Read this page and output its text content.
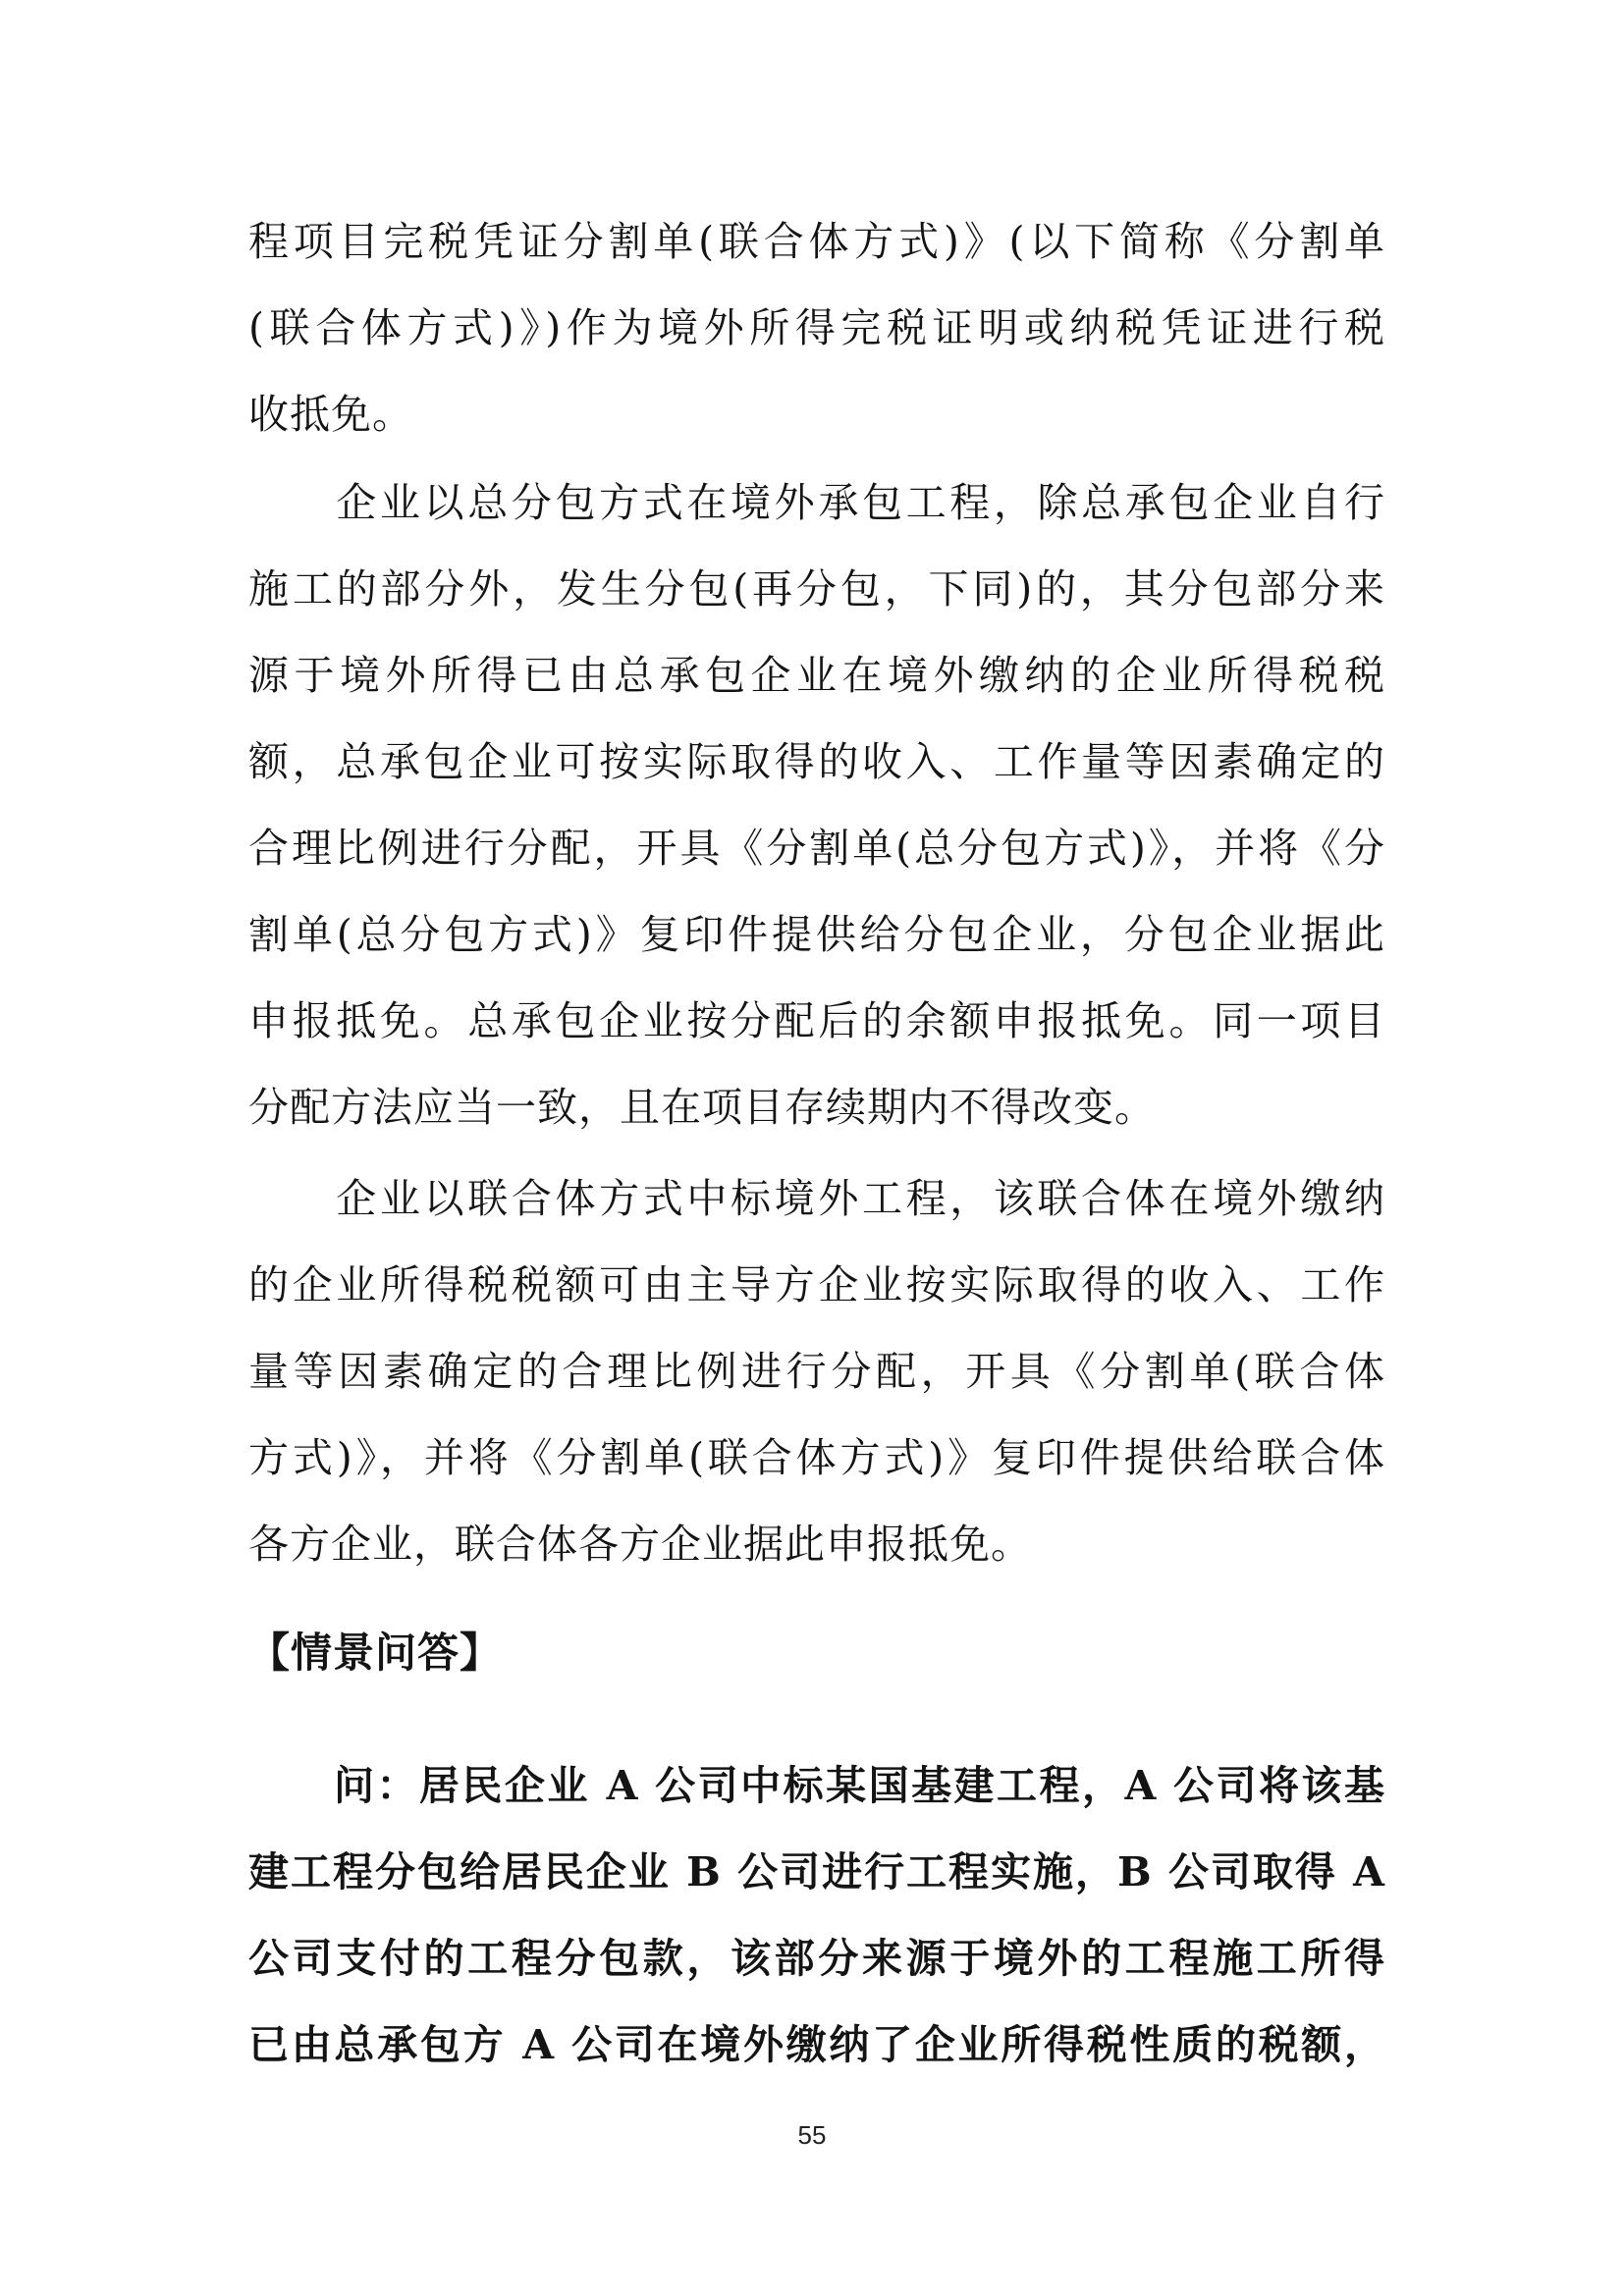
程项目完税凭证分割单(联合体方式)》(以下简称《分割单
(联合体方式)》)作为境外所得完税证明或纳税凭证进行税
收抵免。
　　企业以总分包方式在境外承包工程，除总承包企业自行
施工的部分外，发生分包(再分包，下同)的，其分包部分来
源于境外所得已由总承包企业在境外缴纳的企业所得税税
额，总承包企业可按实际取得的收入、工作量等因素确定的
合理比例进行分配，开具《分割单(总分包方式)》，并将《分
割单(总分包方式)》复印件提供给分包企业，分包企业据此
申报抵免。总承包企业按分配后的余额申报抵免。同一项目
分配方法应当一致，且在项目存续期内不得改变。
　　企业以联合体方式中标境外工程，该联合体在境外缴纳
的企业所得税税额可由主导方企业按实际取得的收入、工作
量等因素确定的合理比例进行分配，开具《分割单(联合体
方式)》，并将《分割单(联合体方式)》复印件提供给联合体
各方企业，联合体各方企业据此申报抵免。
【情景问答】
　　问：居民企业 A 公司中标某国基建工程，A 公司将该基
建工程分包给居民企业 B 公司进行工程实施，B 公司取得 A
公司支付的工程分包款，该部分来源于境外的工程施工所得
已由总承包方 A 公司在境外缴纳了企业所得税性质的税额，
55
